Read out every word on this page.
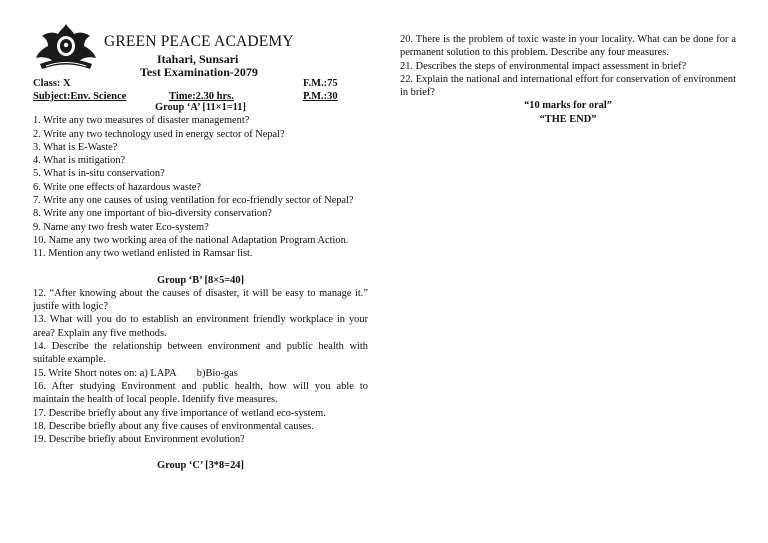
GREEN PEACE ACADEMY
Itahari, Sunsari
Test Examination-2079
Class: X	F.M.:75
Subject:Env. Science	Time:2.30 hrs.	P.M.:30
Group ‘A’ [11×1=11]
1. Write any two measures of disaster management?
2. Write any two technology used in energy sector of Nepal?
3. What is E-Waste?
4. What is mitigation?
5. What is in-situ conservation?
6. Write one effects of hazardous waste?
7. Write any one causes of using ventilation for eco-friendly sector of Nepal?
8. Write any one important of bio-diversity conservation?
9. Name any two fresh water Eco-system?
10. Name any two working area of the national Adaptation Program Action.
11. Mention any two wetland enlisted in Ramsar list.
Group ‘B’ [8×5=40]
12. “After knowing about the causes of disaster, it will be easy to manage it.” justife with logic?
13. What will you do to establish an environment friendly workplace in your area? Explain any five methods.
14. Describe the relationship between environment and public health with suitable example.
15. Write Short notes on: a) LAPA        b)Bio-gas
16. After studying Environment and public health, how will you able to maintain the health of local people. Identify five measures.
17. Describe briefly about any five importance of wetland eco-system.
18. Describe briefly about any five causes of environmental causes.
19. Describe briefly about Environment evolution?
Group ‘C’ [3*8=24]
20. There is the problem of toxic waste in your locality. What can be done for a permanent solution to this problem. Describe any four measures.
21. Describes the steps of environmental impact assessment in brief?
22. Explain the national and international effort for conservation of environment in brief?
“10 marks for oral”
“THE END”
